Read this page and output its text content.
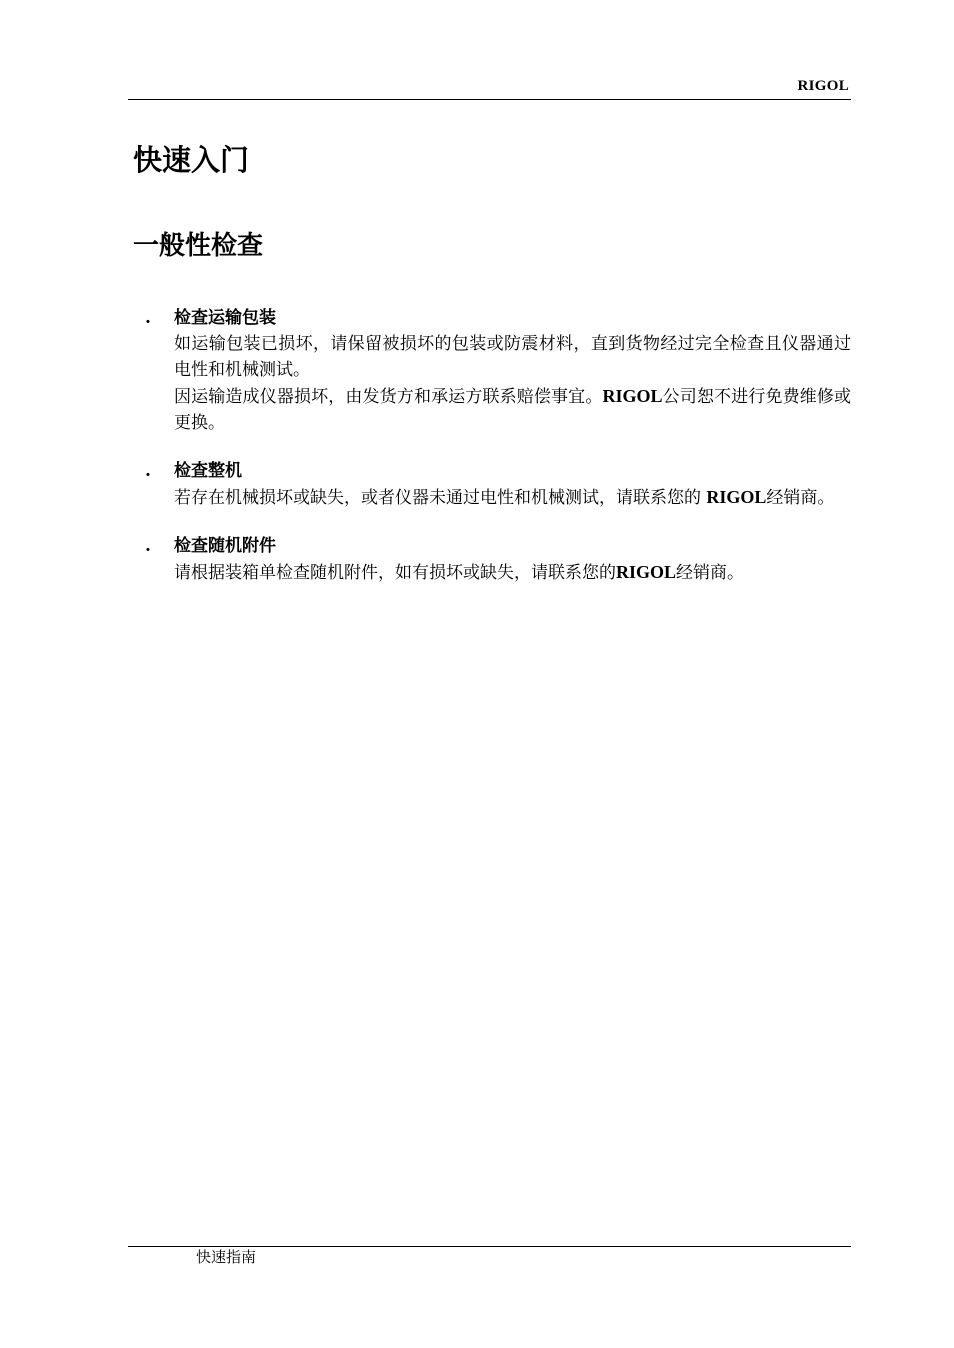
RIGOL
快速入门
一般性检查
. 检查运输包装

如运输包装已损坏，请保留被损坏的包装或防震材料，直到货物经过完全检查且仪器通过电性和机械测试。

因运输造成仪器损坏，由发货方和承运方联系赔偿事宜。RIGOL公司恕不进行免费维修或更换。

. 检查整机

若存在机械损坏或缺失，或者仪器未通过电性和机械测试，请联系您的 RIGOL经销商。

. 检查随机附件

请根据装箱单检查随机附件，如有损坏或缺失，请联系您的RIGOL经销商。

快速指南
